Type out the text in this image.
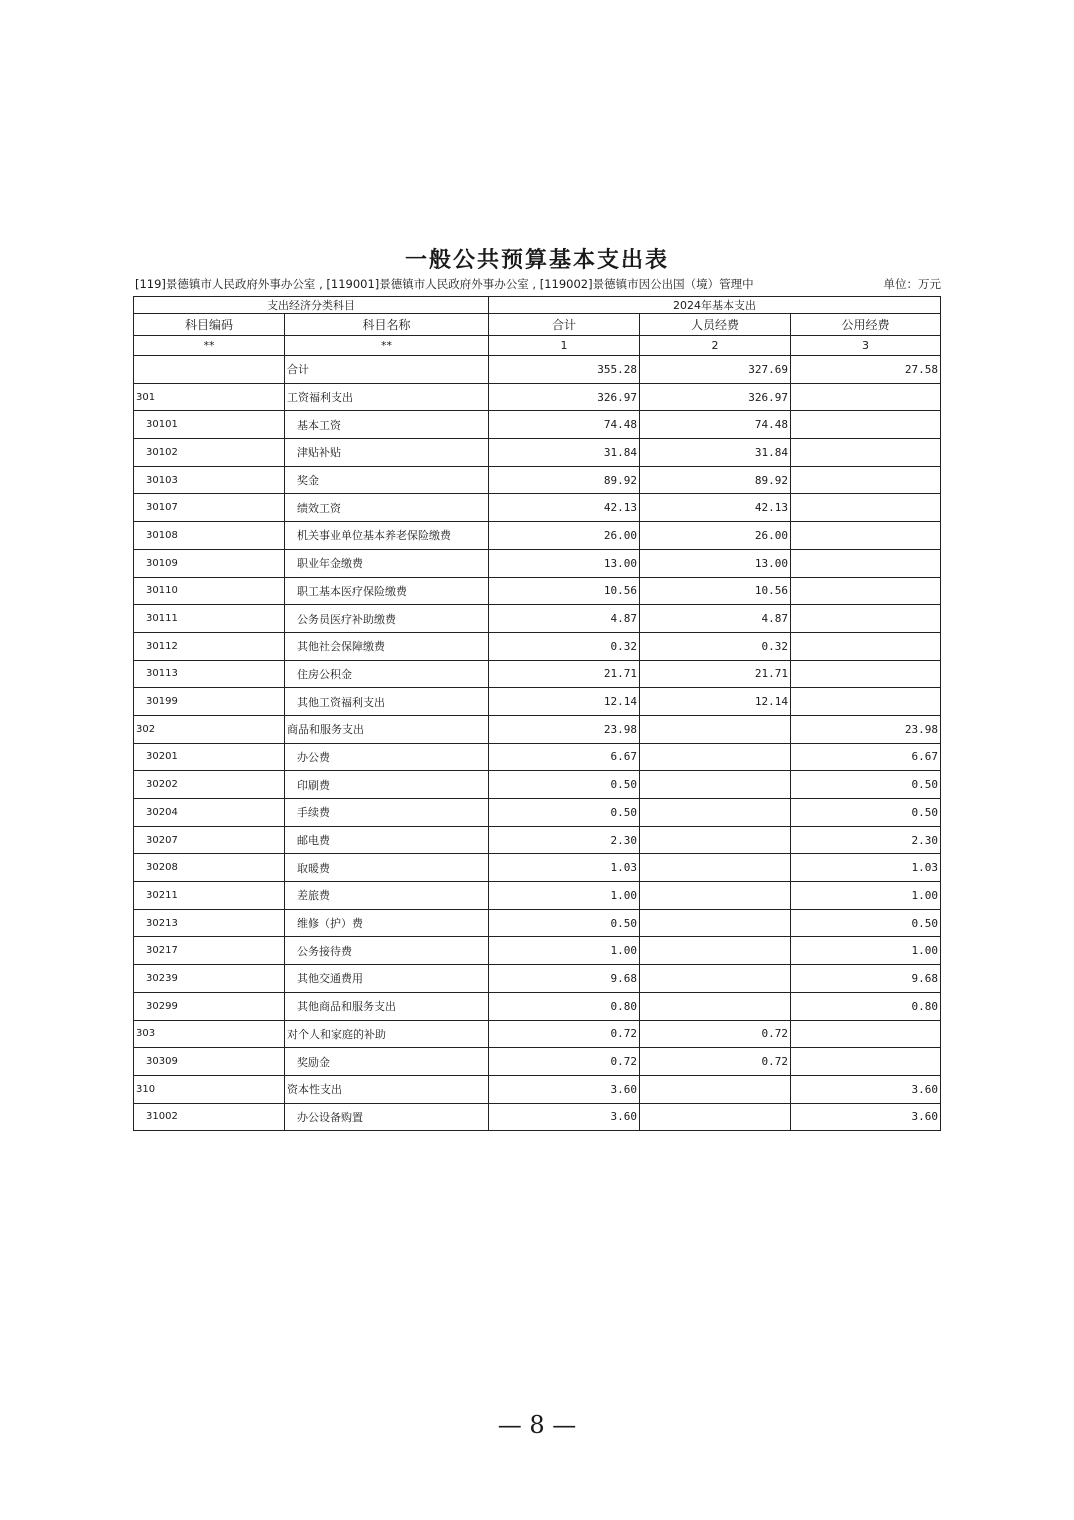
一般公共预算基本支出表
[119]景德镇市人民政府外事办公室 , [119001]景德镇市人民政府外事办公室 , [119002]景德镇市因公出国（境）管理中	单位：万元
支出经济分类科目		2024年基本支出		
科目编码	科目名称	合计	人员经费	公用经费
**	**	1	2	3
	合计	355.28	327.69	27.58
301	工资福利支出	326.97	326.97	
30101	基本工资	74.48	74.48	
30102	津贴补贴	31.84	31.84	
30103	奖金	89.92	89.92	
30107	绩效工资	42.13	42.13	
30108	机关事业单位基本养老保险缴费	26.00	26.00	
30109	职业年金缴费	13.00	13.00	
30110	职工基本医疗保险缴费	10.56	10.56	
30111	公务员医疗补助缴费	4.87	4.87	
30112	其他社会保障缴费	0.32	0.32	
30113	住房公积金	21.71	21.71	
30199	其他工资福利支出	12.14	12.14	
302	商品和服务支出	23.98		23.98
30201	办公费	6.67		6.67
30202	印刷费	0.50		0.50
30204	手续费	0.50		0.50
30207	邮电费	2.30		2.30
30208	取暖费	1.03		1.03
30211	差旅费	1.00		1.00
30213	维修（护）费	0.50		0.50
30217	公务接待费	1.00		1.00
30239	其他交通费用	9.68		9.68
30299	其他商品和服务支出	0.80		0.80
303	对个人和家庭的补助	0.72	0.72	
30309	奖励金	0.72	0.72	
310	资本性支出	3.60		3.60
31002	办公设备购置	3.60		3.60
— 8 —
